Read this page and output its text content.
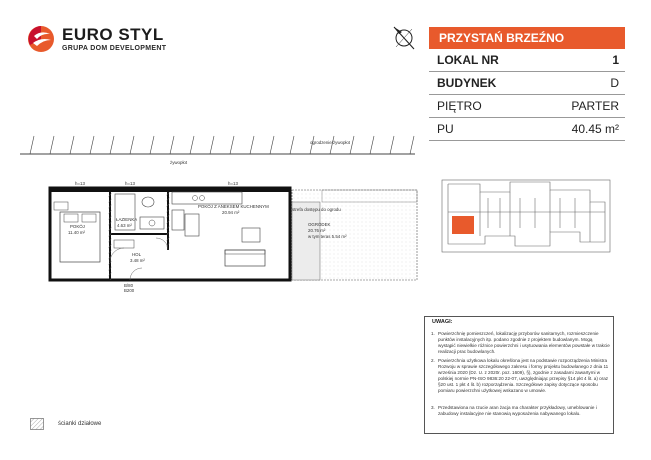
EURO STYL
GRUPA DOM DEVELOPMENT
PRZYSTAŃ BRZEŹNO
LOKAL NR	1
BUDYNEK	D
PIĘTRO	PARTER
PU	40.45 m²
żywopłot
ogrodzenie/żywopłot
h=13	h=13	h=13
POKÓJ
11.40 m²
ŁAZIENKA
4.63 m²
HOL
3.48 m²
POKÓJ Z ANEKSEM KUCHENNYM
20.94 m²
OGRÓDEK
20.76 m²
w tym teras 5.54 m²
strefa dostępu do ogrodu
B/80
B200
UWAGI:
1. Powierzchnię pomieszczeń, lokalizację przyborów sanitarnych, rozmieszczenie punktów instalacyjnych itp. podano zgodnie z projektem budowlanym. Mogą wystąpić niewielkie różnice powierzchni i usytuowania elementów powstałe w trakcie realizacji prac budowlanych.
2. Powierzchnia użytkowa lokalu określona jest na podstawie rozporządzenia Ministra Rozwoju w sprawie szczegółowego zakresu i formy projektu budowlanego z dnia 11 września 2020 (Dz. U. z 2020r. poz. 1609), §), zgodnie z zasadami zawartymi w polskiej normie PN-ISO 9836:20 22-07, uwzględniając przepisy §14 pkt 4 lit. a) oraz §20 ust. 1 pkt 4 lit. b) rozporządzenia. Szczegółowe zapisy dotyczące sposobu pomiaru powierzchni użytkowej wskazano w umowie.
3. Przedstawiona na rzucie aran żacja ma charakter przykładowy, umeblowanie i zabudowy instalacyjne nie stanowią wyposażenia nabywanego lokalu.
ścianki działowe
